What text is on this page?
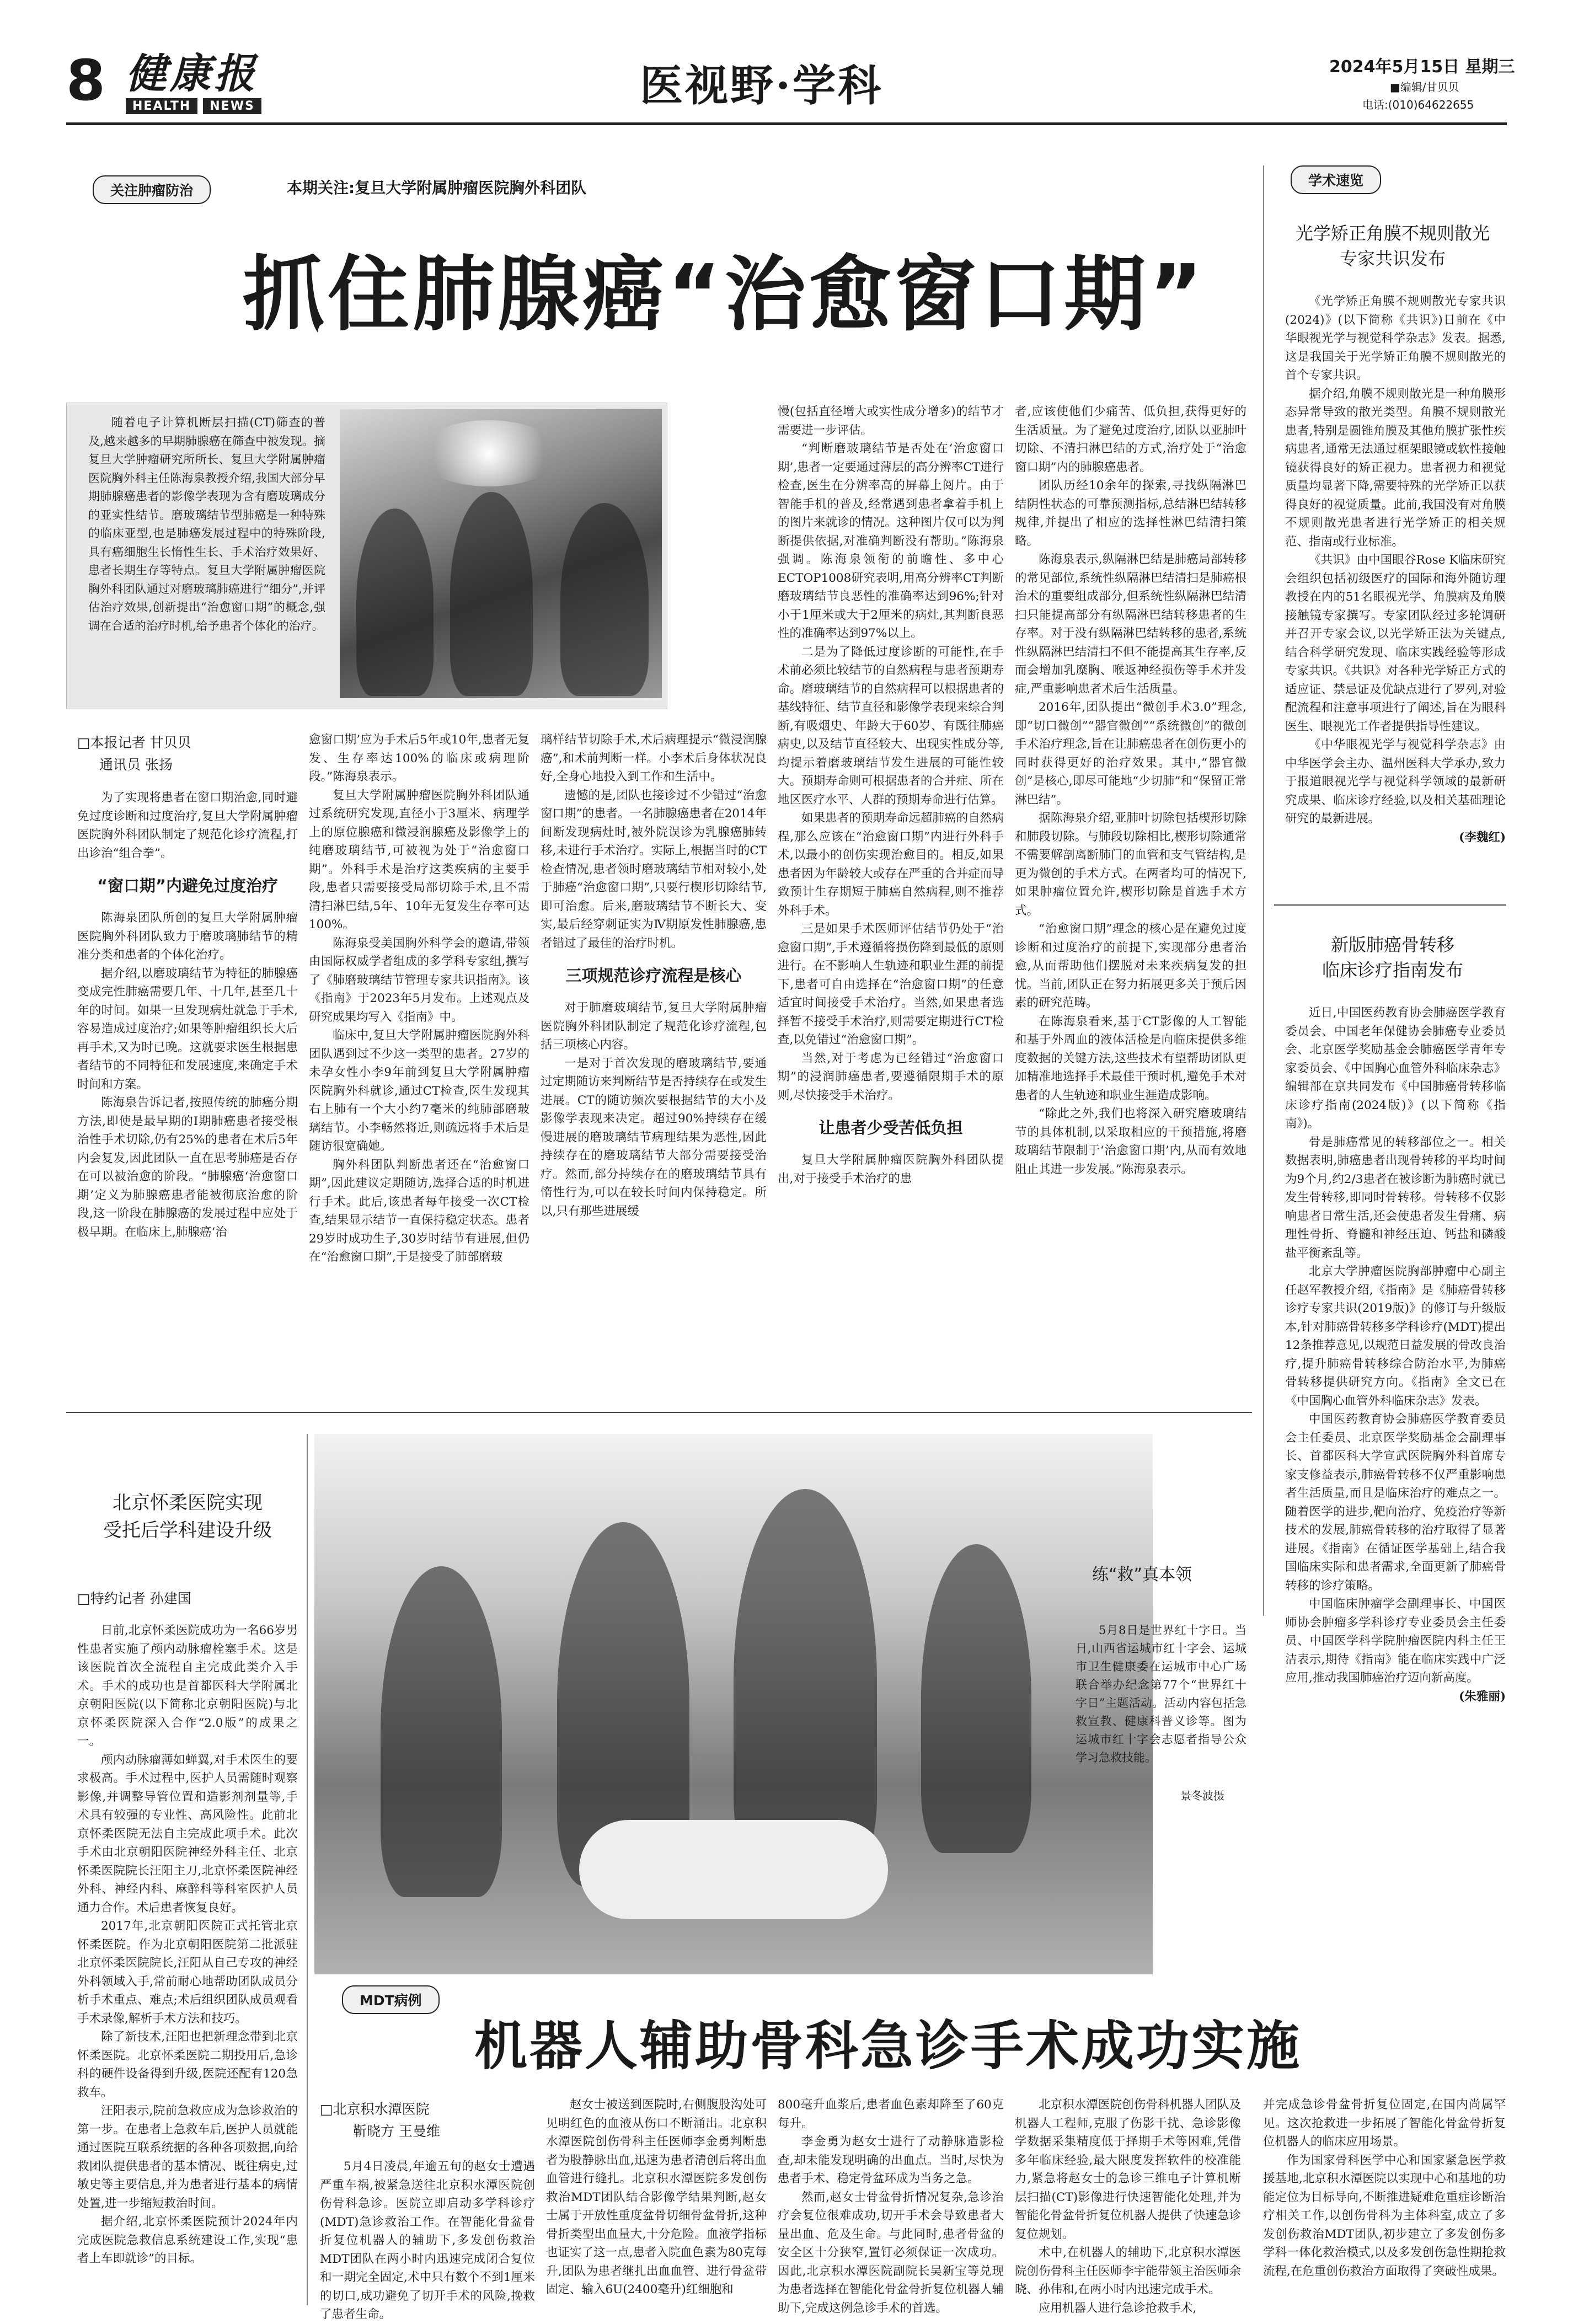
8 健康报
HEALTH	NEWS	医视野·学科	2024年5月15日 星期三
■编辑/甘贝贝
电话:(010)64622655
关注肿瘤防治	本期关注:复旦大学附属肿瘤医院胸外科团队	学术速览
抓住肺腺癌“治愈窗口期”
随着电子计算机断层扫描(CT)筛查的普及,越来越多的早期肺腺癌在筛查中被发现。摘复旦大学肿瘤研究所所长、复旦大学附属肿瘤医院胸外科主任陈海泉教授介绍,我国大部分早期肺腺癌患者的影像学表现为含有磨玻璃成分的亚实性结节。磨玻璃结节型肺癌是一种特殊的临床亚型,也是肺癌发展过程中的特殊阶段,具有癌细胞生长惰性生长、手术治疗效果好、患者长期生存等特点。复旦大学附属肿瘤医院胸外科团队通过对磨玻璃肺癌进行“细分”,并评估治疗效果,创新提出“治愈窗口期”的概念,强调在合适的治疗时机,给予患者个体化的治疗。
□本报记者 甘贝贝
通讯员 张扬

为了实现将患者在窗口期治愈,同时避免过度诊断和过度治疗,复旦大学附属肿瘤医院胸外科团队制定了规范化诊疗流程,打出诊治“组合拳”。

“窗口期”内避免过度治疗

陈海泉团队所创的复旦大学附属肿瘤医院胸外科团队致力于磨玻璃肺结节的精准分类和患者的个体化治疗。

据介绍,以磨玻璃结节为特征的肺腺癌变成完性肺癌需要几年、十几年,甚至几十年的时间。如果一旦发现病灶就急于手术,容易造成过度治疗;如果等肿瘤组织长大后再手术,又为时已晚。这就要求医生根据患者结节的不同特征和发展速度,来确定手术时间和方案。

陈海泉告诉记者,按照传统的肺癌分期方法,即使是最早期的Ⅰ期肺癌患者接受根治性手术切除,仍有25%的患者在术后5年内会复发,因此团队一直在思考肺癌是否存在可以被治愈的阶段。“肺腺癌‘治愈窗口期’定义为肺腺癌患者能被彻底治愈的阶段,这一阶段在肺腺癌的发展过程中应处于极早期。在临床上,肺腺癌‘治

愈窗口期’应为手术后5年或10年,患者无复发、生存率达100%的临床或病理阶段。”陈海泉表示。

复旦大学附属肿瘤医院胸外科团队通过系统研究发现,直径小于3厘米、病理学上的原位腺癌和微浸润腺癌及影像学上的纯磨玻璃结节,可被视为处于“治愈窗口期”。外科手术是治疗这类疾病的主要手段,患者只需要接受局部切除手术,且不需清扫淋巴结,5年、10年无复发生存率可达100%。

陈海泉受美国胸外科学会的邀请,带领由国际权威学者组成的多学科专家组,撰写了《肺磨玻璃结节管理专家共识指南》。该《指南》于2023年5月发布。上述观点及研究成果均写入《指南》中。

临床中,复旦大学附属肿瘤医院胸外科团队遇到过不少这一类型的患者。27岁的未孕女性小李9年前到复旦大学附属肿瘤医院胸外科就诊,通过CT检查,医生发现其右上肺有一个大小约7毫米的纯肺部磨玻璃结节。小李畅然将近,则疏远将手术后是随访很宽确她。

胸外科团队判断患者还在“治愈窗口期”,因此建议定期随访,选择合适的时机进行手术。此后,该患者每年接受一次CT检查,结果显示结节一直保持稳定状态。患者29岁时成功生子,30岁时结节有进展,但仍在“治愈窗口期”,于是接受了肺部磨玻

璃样结节切除手术,术后病理提示“微浸润腺癌”,和术前判断一样。小李术后身体状况良好,全身心地投入到工作和生活中。

遗憾的是,团队也接诊过不少错过“治愈窗口期”的患者。一名肺腺癌患者在2014年间断发现病灶时,被外院误诊为乳腺癌肺转移,未进行手术治疗。实际上,根据当时的CT检查情况,患者领时磨玻璃结节相对较小,处于肺癌“治愈窗口期”,只要行楔形切除结节,即可治愈。后来,磨玻璃结节不断长大、变实,最后经穿刺证实为Ⅳ期原发性肺腺癌,患者错过了最佳的治疗时机。

三项规范诊疗流程是核心

对于肺磨玻璃结节,复旦大学附属肿瘤医院胸外科团队制定了规范化诊疗流程,包括三项核心内容。

一是对于首次发现的磨玻璃结节,要通过定期随访来判断结节是否持续存在或发生进展。CT的随访频次要根据结节的大小及影像学表现来决定。超过90%持续存在缓慢进展的磨玻璃结节病理结果为恶性,因此持续存在的磨玻璃结节大部分需要接受治疗。然而,部分持续存在的磨玻璃结节具有惰性行为,可以在较长时间内保持稳定。所以,只有那些进展缓

慢(包括直径增大或实性成分增多)的结节才需要进一步评估。

“判断磨玻璃结节是否处在‘治愈窗口期’,患者一定要通过薄层的高分辨率CT进行检查,医生在分辨率高的屏幕上阅片。由于智能手机的普及,经常遇到患者拿着手机上的图片来就诊的情况。这种图片仅可以为判断提供依据,对准确判断没有帮助。”陈海泉强调。陈海泉领衔的前瞻性、多中心ECTOP1008研究表明,用高分辨率CT判断磨玻璃结节良恶性的准确率达到96%;针对小于1厘米或大于2厘米的病灶,其判断良恶性的准确率达到97%以上。

二是为了降低过度诊断的可能性,在手术前必须比较结节的自然病程与患者预期寿命。磨玻璃结节的自然病程可以根据患者的基线特征、结节直径和影像学表现来综合判断,有吸烟史、年龄大于60岁、有既往肺癌病史,以及结节直径较大、出现实性成分等,均提示着磨玻璃结节发生进展的可能性较大。预期寿命则可根据患者的合并症、所在地区医疗水平、人群的预期寿命进行估算。

如果患者的预期寿命远超肺癌的自然病程,那么应该在“治愈窗口期”内进行外科手术,以最小的创伤实现治愈目的。相反,如果患者因为年龄较大或存在严重的合并症而导致预计生存期短于肺癌自然病程,则不推荐外科手术。

三是如果手术医师评估结节仍处于“治愈窗口期”,手术遵循将损伤降到最低的原则进行。在不影响人生轨迹和职业生涯的前提下,患者可自由选择在“治愈窗口期”的任意适宜时间接受手术治疗。当然,如果患者选择暂不接受手术治疗,则需要定期进行CT检查,以免错过“治愈窗口期”。

当然,对于考虑为已经错过“治愈窗口期”的浸润肺癌患者,要遵循限期手术的原则,尽快接受手术治疗。

让患者少受苦低负担

复旦大学附属肿瘤医院胸外科团队提出,对于接受手术治疗的患

者,应该使他们少痛苦、低负担,获得更好的生活质量。为了避免过度治疗,团队以亚肺叶切除、不清扫淋巴结的方式,治疗处于“治愈窗口期”内的肺腺癌患者。

团队历经10余年的探索,寻找纵隔淋巴结阴性状态的可靠预测指标,总结淋巴结转移规律,并提出了相应的选择性淋巴结清扫策略。

陈海泉表示,纵隔淋巴结是肺癌局部转移的常见部位,系统性纵隔淋巴结清扫是肺癌根治术的重要组成部分,但系统性纵隔淋巴结清扫只能提高部分有纵隔淋巴结转移患者的生存率。对于没有纵隔淋巴结转移的患者,系统性纵隔淋巴结清扫不但不能提高其生存率,反而会增加乳糜胸、喉返神经损伤等手术并发症,严重影响患者术后生活质量。

2016年,团队提出“微创手术3.0”理念,即“切口微创”“器官微创”“系统微创”的微创手术治疗理念,旨在让肺癌患者在创伤更小的同时获得更好的治疗效果。其中,“器官微创”是核心,即尽可能地“少切肺”和“保留正常淋巴结”。

据陈海泉介绍,亚肺叶切除包括楔形切除和肺段切除。与肺段切除相比,楔形切除通常不需要解剖离断肺门的血管和支气管结构,是更为微创的手术方式。在两者均可的情况下,如果肿瘤位置允许,楔形切除是首选手术方式。

“治愈窗口期”理念的核心是在避免过度诊断和过度治疗的前提下,实现部分患者治愈,从而帮助他们摆脱对未来疾病复发的担忧。当前,团队正在努力拓展更多关于预后因素的研究范畴。

在陈海泉看来,基于CT影像的人工智能和基于外周血的液体活检是向临床提供多维度数据的关键方法,这些技术有望帮助团队更加精准地选择手术最佳干预时机,避免手术对患者的人生轨迹和职业生涯造成影响。

“除此之外,我们也将深入研究磨玻璃结节的具体机制,以采取相应的干预措施,将磨玻璃结节限制于‘治愈窗口期’内,从而有效地阻止其进一步发展。”陈海泉表示。

光学矫正角膜不规则散光
专家共识发布

《光学矫正角膜不规则散光专家共识(2024)》(以下简称《共识》)日前在《中华眼视光学与视觉科学杂志》发表。据悉,这是我国关于光学矫正角膜不规则散光的首个专家共识。

据介绍,角膜不规则散光是一种角膜形态异常导致的散光类型。角膜不规则散光患者,特别是圆锥角膜及其他角膜扩张性疾病患者,通常无法通过框架眼镜或软性接触镜获得良好的矫正视力。患者视力和视觉质量均显著下降,需要特殊的光学矫正以获得良好的视觉质量。此前,我国没有对角膜不规则散光患者进行光学矫正的相关规范、指南或行业标准。

《共识》由中国眼谷Rose K临床研究会组织包括初级医疗的国际和海外随访理教授在内的51名眼视光学、角膜病及角膜接触镜专家撰写。专家团队经过多轮调研并召开专家会议,以光学矫正法为关键点,结合科学研究发现、临床实践经验等形成专家共识。《共识》对各种光学矫正方式的适应证、禁忌证及优缺点进行了罗列,对验配流程和注意事项进行了阐述,旨在为眼科医生、眼视光工作者提供指导性建议。

《中华眼视光学与视觉科学杂志》由中华医学会主办、温州医科大学承办,致力于报道眼视光学与视觉科学领域的最新研究成果、临床诊疗经验,以及相关基础理论研究的最新进展。

(李魏红)
新版肺癌骨转移
临床诊疗指南发布

近日,中国医药教育协会肺癌医学教育委员会、中国老年保健协会肺癌专业委员会、北京医学奖励基金会肺癌医学青年专家委员会、《中国胸心血管外科临床杂志》编辑部在京共同发布《中国肺癌骨转移临床诊疗指南(2024版)》(以下简称《指南》)。

骨是肺癌常见的转移部位之一。相关数据表明,肺癌患者出现骨转移的平均时间为9个月,约2/3患者在被诊断为肺癌时就已发生骨转移,即同时骨转移。骨转移不仅影响患者日常生活,还会使患者发生骨痛、病理性骨折、脊髓和神经压迫、钙盐和磷酸盐平衡紊乱等。

北京大学肿瘤医院胸部肿瘤中心副主任赵军教授介绍,《指南》是《肺癌骨转移诊疗专家共识(2019版)》的修订与升级版本,针对肺癌骨转移多学科诊疗(MDT)提出12条推荐意见,以规范日益发展的骨改良治疗,提升肺癌骨转移综合防治水平,为肺癌骨转移提供研究方向。《指南》全文已在《中国胸心血管外科临床杂志》发表。

中国医药教育协会肺癌医学教育委员会主任委员、北京医学奖励基金会副理事长、首都医科大学宣武医院胸外科首席专家支修益表示,肺癌骨转移不仅严重影响患者生活质量,而且是临床治疗的难点之一。随着医学的进步,靶向治疗、免疫治疗等新技术的发展,肺癌骨转移的治疗取得了显著进展。《指南》在循证医学基础上,结合我国临床实际和患者需求,全面更新了肺癌骨转移的诊疗策略。

中国临床肿瘤学会副理事长、中国医师协会肿瘤多学科诊疗专业委员会主任委员、中国医学科学院肿瘤医院内科主任王洁表示,期待《指南》能在临床实践中广泛应用,推动我国肺癌治疗迈向新高度。

(朱雅丽)
练“救”真本领
5月8日是世界红十字日。当日,山西省运城市红十字会、运城市卫生健康委在运城市中心广场联合举办纪念第77个“世界红十字日”主题活动。活动内容包括急救宣教、健康科普义诊等。图为运城市红十字会志愿者指导公众学习急救技能。
景冬波摄
北京怀柔医院实现
受托后学科建设升级
□特约记者 孙建国

日前,北京怀柔医院成功为一名66岁男性患者实施了颅内动脉瘤栓塞手术。这是该医院首次全流程自主完成此类介入手术。手术的成功也是首都医科大学附属北京朝阳医院(以下简称北京朝阳医院)与北京怀柔医院深入合作“2.0版”的成果之一。

颅内动脉瘤薄如蝉翼,对手术医生的要求极高。手术过程中,医护人员需随时观察影像,并调整导管位置和造影剂剂量等,手术具有较强的专业性、高风险性。此前北京怀柔医院无法自主完成此项手术。此次手术由北京朝阳医院神经外科主任、北京怀柔医院院长汪阳主刀,北京怀柔医院神经外科、神经内科、麻醉科等科室医护人员通力合作。术后患者恢复良好。

2017年,北京朝阳医院正式托管北京怀柔医院。作为北京朝阳医院第二批派驻北京怀柔医院院长,汪阳从自己专攻的神经外科领域入手,常前耐心地帮助团队成员分析手术重点、难点;术后组织团队成员观看手术录像,解析手术方法和技巧。

除了新技术,汪阳也把新理念带到北京怀柔医院。北京怀柔医院二期投用后,急诊科的硬件设备得到升级,医院还配有120急救车。

汪阳表示,院前急救应成为急诊救治的第一步。在患者上急救车后,医护人员就能通过医院互联系统据的各种各项数据,向给救团队提供患者的基本情况、既往病史,过敏史等主要信息,并为患者进行基本的病情处置,进一步缩短救治时间。

据介绍,北京怀柔医院预计2024年内完成医院急救信息系统建设工作,实现“患者上车即就诊”的目标。

MDT病例
机器人辅助骨科急诊手术成功实施
□北京积水潭医院
靳晓方 王曼维

5月4日凌晨,年逾五旬的赵女士遭遇严重车祸,被紧急送往北京积水潭医院创伤骨科急诊。医院立即启动多学科诊疗(MDT)急诊救治工作。在智能化骨盆骨折复位机器人的辅助下,多发创伤救治MDT团队在两小时内迅速完成闭合复位和一期完全固定,术中只有数个不到1厘米的切口,成功避免了切开手术的风险,挽救了患者生命。

赵女士被送到医院时,右侧腹股沟处可见明红色的血液从伤口不断涌出。北京积水潭医院创伤骨科主任医师李金勇判断患者为股静脉出血,迅速为患者清创后将出血血管进行缝扎。北京积水潭医院多发创伤救治MDT团队结合影像学结果判断,赵女士属于开放性重度盆骨切细骨盆骨折,这种骨折类型出血量大,十分危险。血液学指标也证实了这一点,患者入院血色素为80克每升,团队为患者继扎出血血管、进行骨盆带固定、输入6U(2400毫升)红细胞和

800毫升血浆后,患者血色素却降至了60克每升。

李金勇为赵女士进行了动静脉造影检查,却未能发现明确的出血点。当时,尽快为患者手术、稳定骨盆环成为当务之急。

然而,赵女士骨盆骨折情况复杂,急诊治疗会复位很难成功,切开手术会导致患者大量出血、危及生命。与此同时,患者骨盆的安全区十分狭窄,置钉必须保证一次成功。因此,北京积水潭医院副院长吴新宝等兑现为患者选择在智能化骨盆骨折复位机器人辅助下,完成这例急诊手术的首选。

北京积水潭医院创伤骨科机器人团队及机器人工程师,克服了伤影干扰、急诊影像学数据采集精度低于择期手术等困难,凭借多年临床经验,最大限度发挥软件的校准能力,紧急将赵女士的急诊三维电子计算机断层扫描(CT)影像进行快速智能化处理,并为智能化骨盆骨折复位机器人提供了快速急诊复位规划。

术中,在机器人的辅助下,北京积水潭医院创伤骨科主任医师李宇能带领主治医师余晓、孙伟和,在两小时内迅速完成手术。

应用机器人进行急诊抢救手术,

并完成急诊骨盆骨折复位固定,在国内尚属罕见。这次抢救进一步拓展了智能化骨盆骨折复位机器人的临床应用场景。

作为国家骨科医学中心和国家紧急医学救援基地,北京积水潭医院以实现中心和基地的功能定位为目标导向,不断推进疑难危重症诊断治疗相关工作,以创伤骨科为主体科室,成立了多发创伤救治MDT团队,初步建立了多发创伤多学科一体化救治模式,以及多发创伤急性期抢救流程,在危重创伤救治方面取得了突破性成果。
